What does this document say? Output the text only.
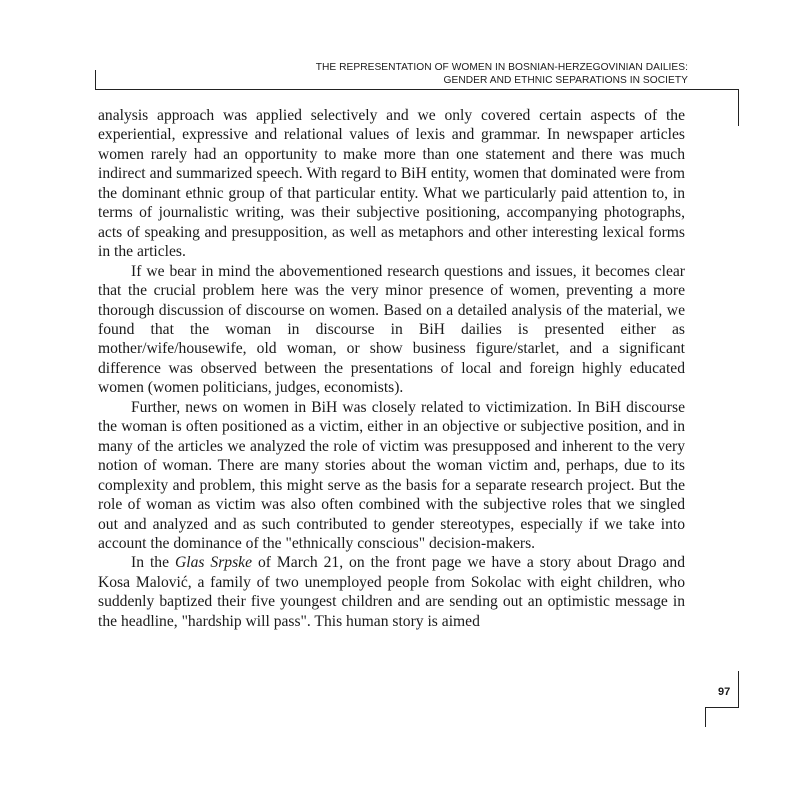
THE REPRESENTATION OF WOMEN IN BOSNIAN-HERZEGOVINIAN DAILIES:
GENDER AND ETHNIC SEPARATIONS IN SOCIETY

analysis approach was applied selectively and we only covered certain aspects of the experiential, expressive and relational values of lexis and grammar. In newspaper articles women rarely had an opportunity to make more than one statement and there was much indirect and summarized speech. With regard to BiH entity, women that dominated were from the dominant ethnic group of that particular entity. What we particularly paid attention to, in terms of journalistic writing, was their subjective positioning, accompanying photographs, acts of speaking and presupposition, as well as metaphors and other interesting lexical forms in the articles.

If we bear in mind the abovementioned research questions and issues, it becomes clear that the crucial problem here was the very minor presence of women, preventing a more thorough discussion of discourse on women. Based on a detailed analysis of the material, we found that the woman in discourse in BiH dailies is presented either as mother/wife/housewife, old woman, or show business figure/starlet, and a significant difference was observed between the presentations of local and foreign highly educated women (women politicians, judges, economists).

Further, news on women in BiH was closely related to victimization. In BiH discourse the woman is often positioned as a victim, either in an objective or subjective position, and in many of the articles we analyzed the role of victim was presupposed and inherent to the very notion of woman. There are many stories about the woman victim and, perhaps, due to its complexity and problem, this might serve as the basis for a separate research project. But the role of woman as victim was also often combined with the subjective roles that we singled out and analyzed and as such contributed to gender stereotypes, especially if we take into account the dominance of the "ethnically conscious" decision-makers.

In the Glas Srpske of March 21, on the front page we have a story about Drago and Kosa Malović, a family of two unemployed people from Sokolac with eight children, who suddenly baptized their five youngest children and are sending out an optimistic message in the headline, "hardship will pass". This human story is aimed

97
